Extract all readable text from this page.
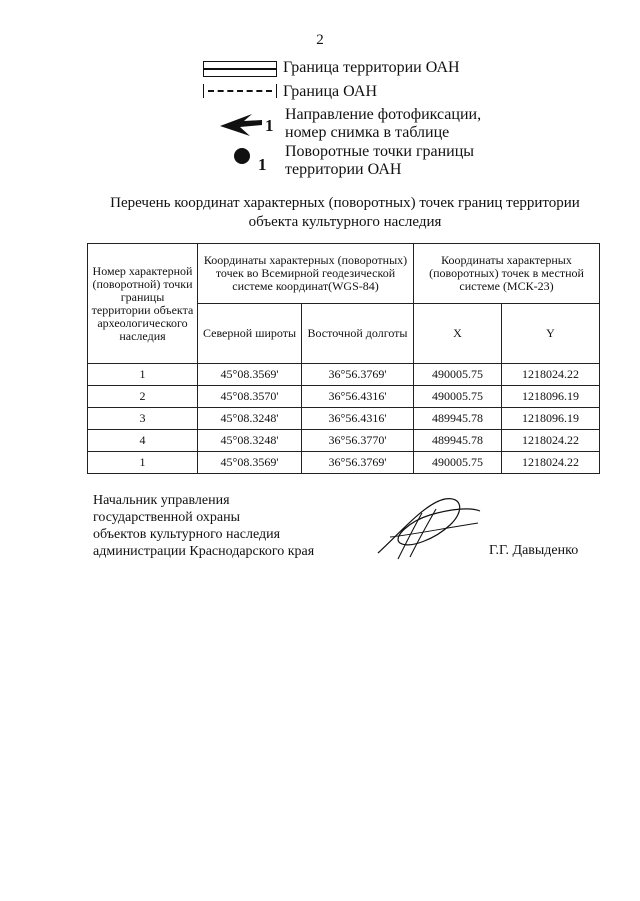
2
Граница территории ОАН
Граница ОАН
1
Направление фотофиксации,
номер снимка в таблице
1
Поворотные точки границы
территории ОАН
Перечень координат характерных (поворотных) точек границ территории
объекта культурного наследия
Номер характерной (поворотной) точки границы территории объекта археологического наследия	Координаты характерных (поворотных) точек во Всемирной геодезической системе координат(WGS-84)		Координаты характерных (поворотных) точек в местной системе (МСК-23)	
	Северной широты	Восточной долготы	X	Y
1	45°08.3569'	36°56.3769'	490005.75	1218024.22
2	45°08.3570'	36°56.4316'	490005.75	1218096.19
3	45°08.3248'	36°56.4316'	489945.78	1218096.19
4	45°08.3248'	36°56.3770'	489945.78	1218024.22
1	45°08.3569'	36°56.3769'	490005.75	1218024.22
Начальник управления
государственной охраны
объектов культурного наследия
администрации Краснодарского края	Г.Г. Давыденко
